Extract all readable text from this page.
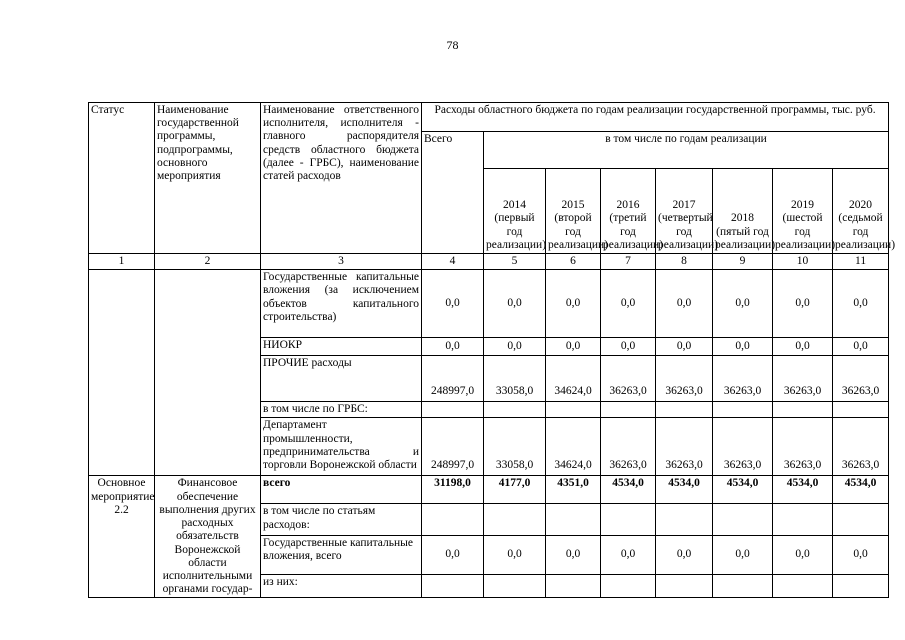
78
Статус	Наименование государственной программы, подпрограммы, основного мероприятия	Наименование ответственного исполнителя, исполнителя - главного распорядителя средств областного бюджета (далее - ГРБС), наименование статей расходов	Расходы областного бюджета по годам реализации государственной программы, тыс. руб.							
			Всего	в том числе по годам реализации						
				2014 (первый год реализации)	2015 (второй год реализации)	2016 (третий год реализации)	2017 (четвертый год реализации)	2018 (пятый год реализации)	2019 (шестой год реализации)	2020 (седьмой год реализации)
1	2	3	4	5	6	7	8	9	10	11
		Государственные капитальные вложения (за исключением объектов капитального строительства)	0,0	0,0	0,0	0,0	0,0	0,0	0,0	0,0
		НИОКР	0,0	0,0	0,0	0,0	0,0	0,0	0,0	0,0
		ПРОЧИЕ расходы	248997,0	33058,0	34624,0	36263,0	36263,0	36263,0	36263,0	36263,0
		в том числе по ГРБС:								
		Департамент промышленности, предпринимательства и торговли Воронежской области	248997,0	33058,0	34624,0	36263,0	36263,0	36263,0	36263,0	36263,0
Основное мероприятие 2.2	Финансовое обеспечение выполнения других расходных обязательств Воронежской области исполнительными органами государ-	всего	31198,0	4177,0	4351,0	4534,0	4534,0	4534,0	4534,0	4534,0
		в том числе по статьям расходов:								
		Государственные капитальные вложения, всего	0,0	0,0	0,0	0,0	0,0	0,0	0,0	0,0
		из них:								
